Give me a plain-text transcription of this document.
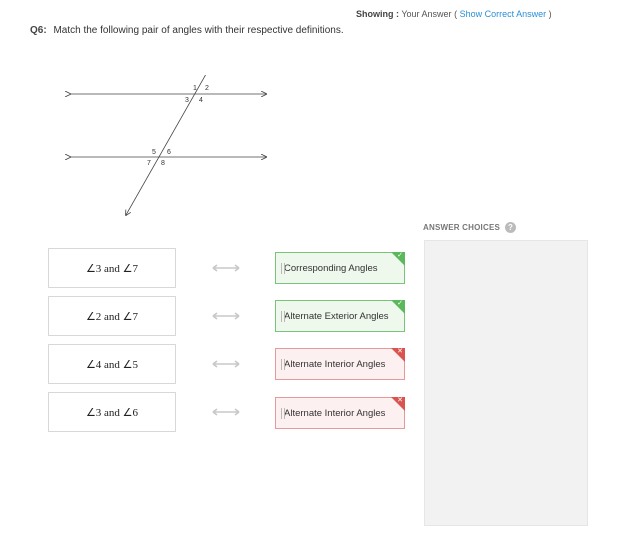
Showing : Your Answer ( Show Correct Answer )
Q6: Match the following pair of angles with their respective definitions.
1 2
3 4
5 6
7 8
∠3 and ∠7	Corresponding Angles
✓
∠2 and ∠7	Alternate Exterior Angles
✓
∠4 and ∠5	Alternate Interior Angles
✕
∠3 and ∠6	Alternate Interior Angles
✕
ANSWER CHOICES ?
